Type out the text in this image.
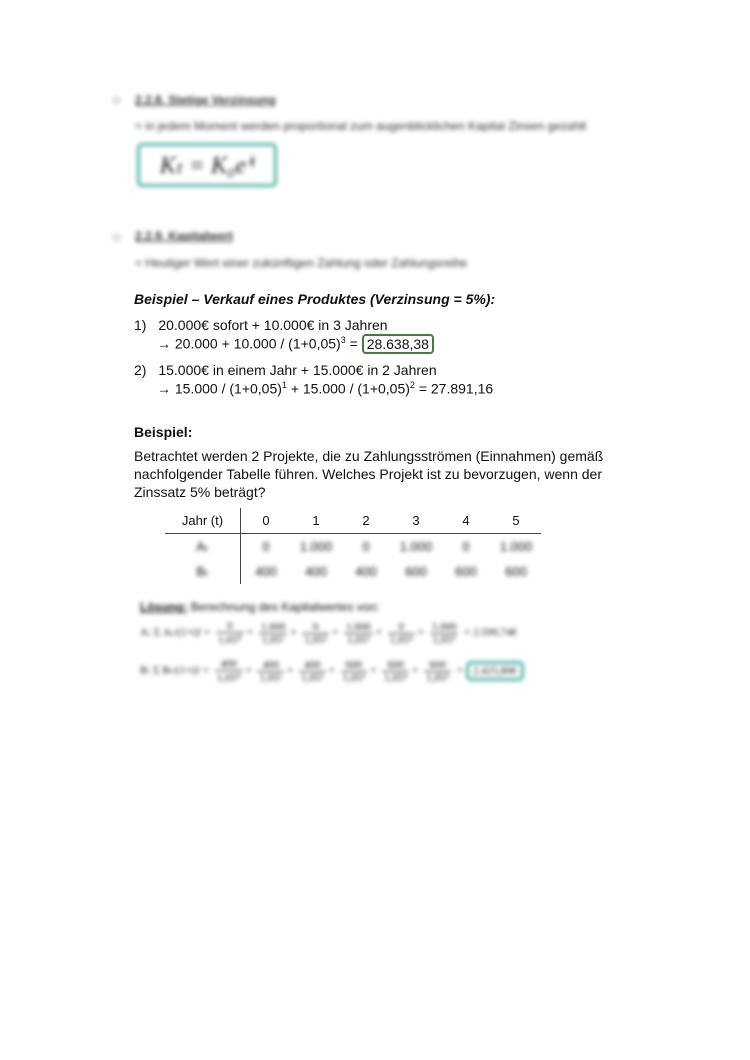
2.2.8. Stetige Verzinsung
= in jedem Moment werden proportional zum augenblicklichen Kapital Zinsen gezahlt
Kₜ = K₀eⁱᵗ
2.2.9. Kapitalwert
= Heutiger Wert einer zukünftigen Zahlung oder Zahlungsreihe
Beispiel – Verkauf eines Produktes (Verzinsung = 5%):
1) 20.000€ sofort + 10.000€ in 3 Jahren
→ $20.000 + 10.000 / (1+0,05)^3 = 28.638,38$
2) 15.000€ in einem Jahr + 15.000€ in 2 Jahren
→ $15.000 / (1+0,05)^1 + 15.000 / (1+0,05)^2 = 27.891,16$
Beispiel:
Betrachtet werden 2 Projekte, die zu Zahlungsströmen (Einnahmen) gemäß nachfolgender Tabelle führen. Welches Projekt ist zu bevorzugen, wenn der Zinssatz 5% beträgt?
Jahr (t)	0	1	2	3	4	5
Aₜ	0	1.000	0	1.000	0	1.000
Bₜ	400	400	400	600	600	600
Lösung: Berechnung des Kapitalwertes von:
A: Σ Aₜ/(1+i)ᵗ = $\frac{0}{\text{1,05⁰}} + \frac{1.000}{\text{1,05¹}} + \frac{0}{\text{1,05²}} + \frac{1.000}{\text{1,05³}} + \frac{0}{\text{1,05⁴}} + \frac{1.000}{\text{1,05⁵}}$ = 2.599,74€
B: Σ Bₜ/(1+i)ᵗ = $\frac{400}{\text{1,05⁰}} + \frac{400}{\text{1,05¹}} + \frac{400}{\text{1,05²}} + \frac{600}{\text{1,05³}} + \frac{600}{\text{1,05⁴}} + \frac{600}{\text{1,05⁵}}$ = 2.425,80€
